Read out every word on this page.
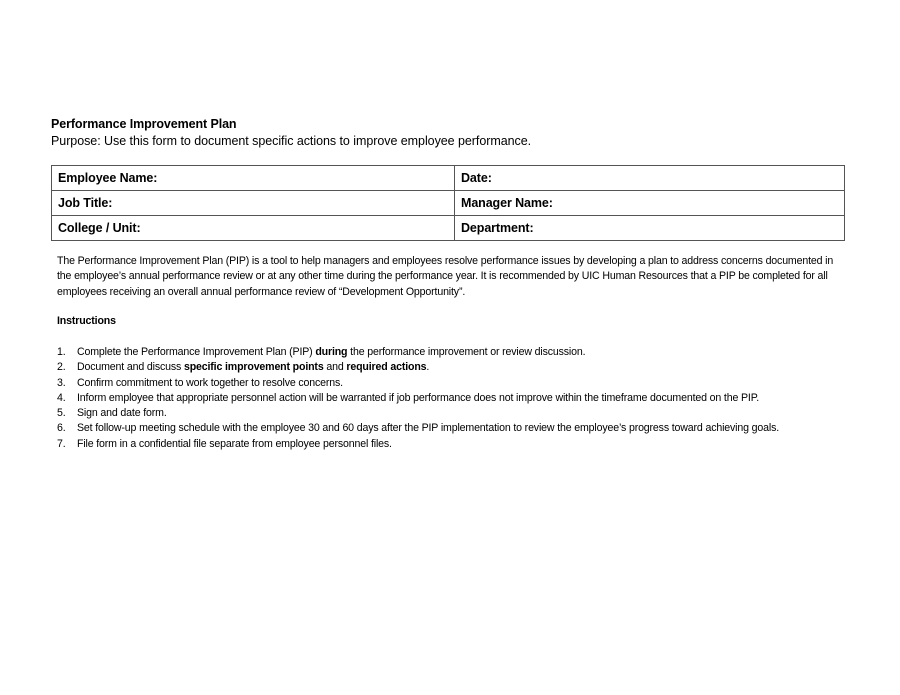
Performance Improvement Plan
Purpose: Use this form to document specific actions to improve employee performance.
Employee Name:	Date:
Job Title:	Manager Name:
College / Unit:	Department:
The Performance Improvement Plan (PIP) is a tool to help managers and employees resolve performance issues by developing a plan to address concerns documented in the employee’s annual performance review or at any other time during the performance year. It is recommended by UIC Human Resources that a PIP be completed for all employees receiving an overall annual performance review of “Development Opportunity”.
Instructions
1. Complete the Performance Improvement Plan (PIP) during the performance improvement or review discussion.
2. Document and discuss specific improvement points and required actions.
3. Confirm commitment to work together to resolve concerns.
4. Inform employee that appropriate personnel action will be warranted if job performance does not improve within the timeframe documented on the PIP.
5. Sign and date form.
6. Set follow-up meeting schedule with the employee 30 and 60 days after the PIP implementation to review the employee’s progress toward achieving goals.
7. File form in a confidential file separate from employee personnel files.
